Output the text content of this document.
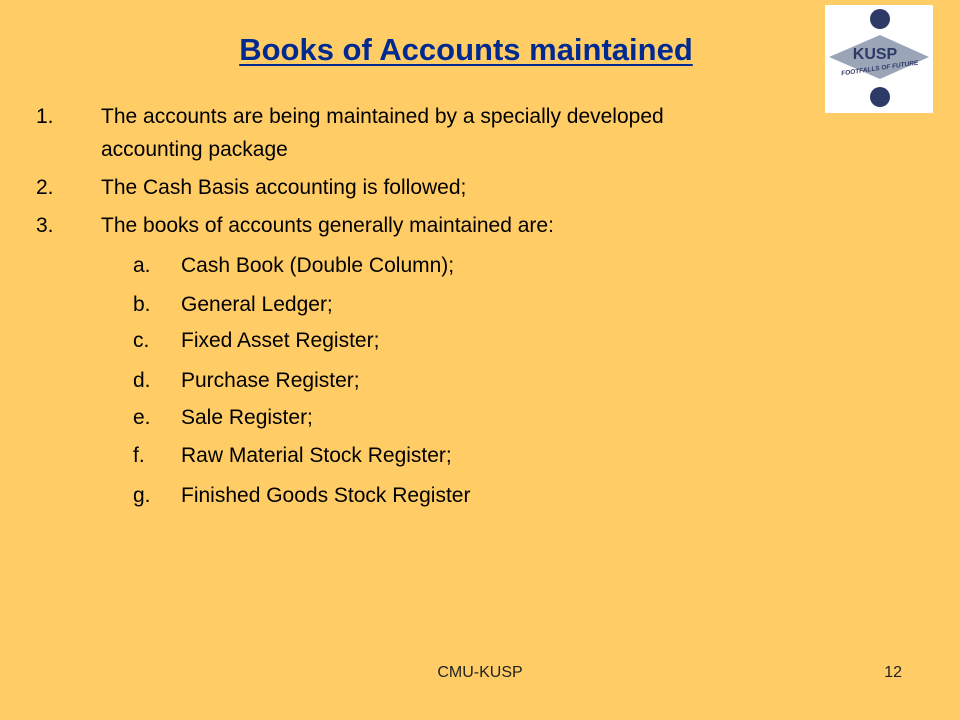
Books of Accounts maintained	KUSP
FOOTFALLS OF FUTURE
1. The accounts are being maintained by a specially developed
accounting package
2. The Cash Basis accounting is followed;
3. The books of accounts generally maintained are:
a. Cash Book (Double Column);
b. General Ledger;
c. Fixed Asset Register;
d. Purchase Register;
e. Sale Register;
f. Raw Material Stock Register;
g. Finished Goods Stock Register
CMU-KUSP	12
